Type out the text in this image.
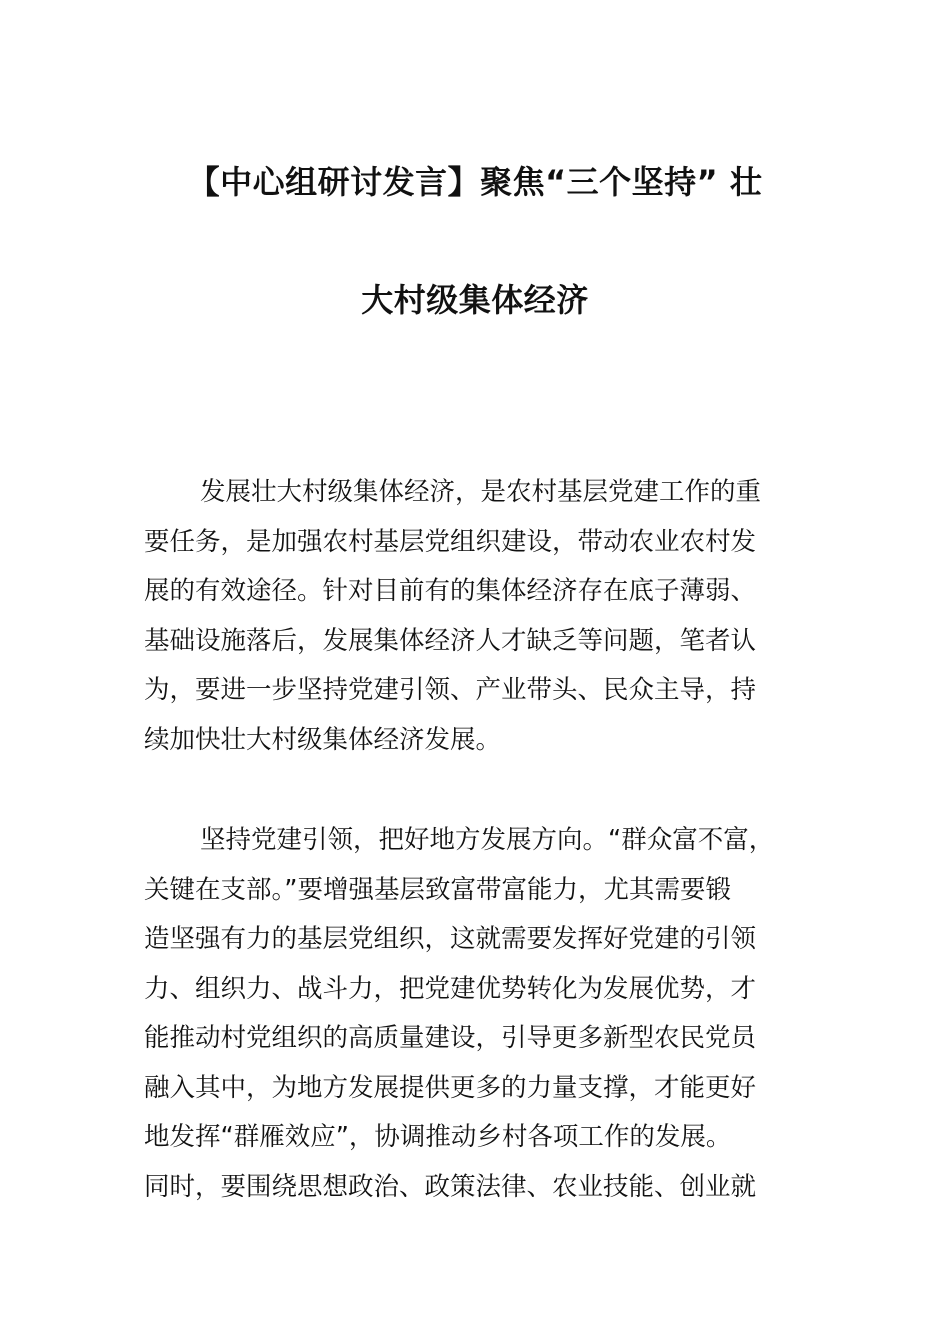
【中心组研讨发言】聚焦“三个坚持” 壮
大村级集体经济
发展壮大村级集体经济，是农村基层党建工作的重
要任务，是加强农村基层党组织建设，带动农业农村发
展的有效途径。针对目前有的集体经济存在底子薄弱、
基础设施落后，发展集体经济人才缺乏等问题，笔者认
为，要进一步坚持党建引领、产业带头、民众主导，持
续加快壮大村级集体经济发展。
坚持党建引领，把好地方发展方向。“群众富不富，
关键在支部。”要增强基层致富带富能力，尤其需要锻
造坚强有力的基层党组织，这就需要发挥好党建的引领
力、组织力、战斗力，把党建优势转化为发展优势，才
能推动村党组织的高质量建设，引导更多新型农民党员
融入其中，为地方发展提供更多的力量支撑，才能更好
地发挥“群雁效应”，协调推动乡村各项工作的发展。
同时，要围绕思想政治、政策法律、农业技能、创业就
